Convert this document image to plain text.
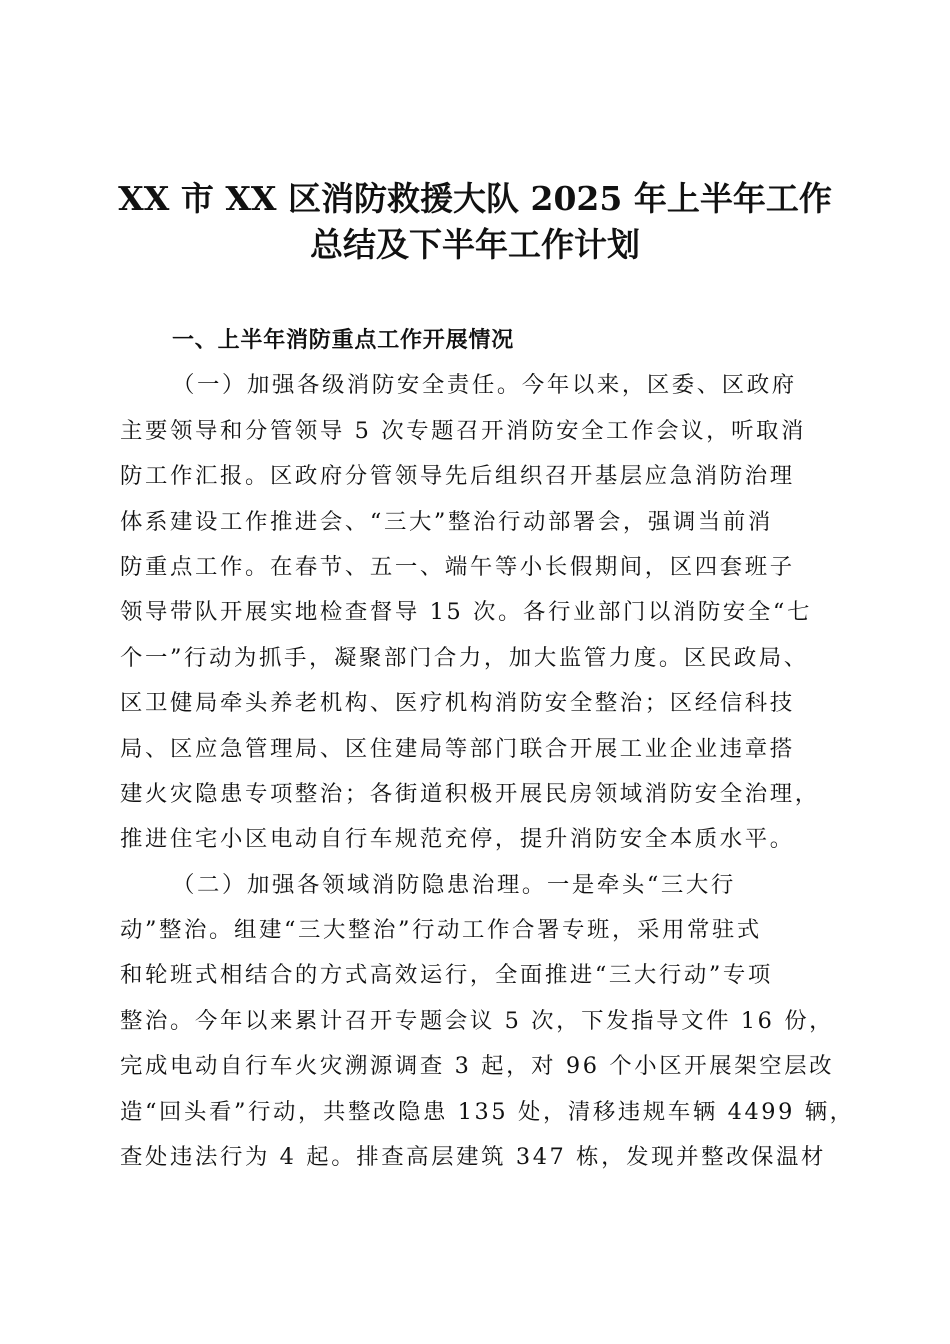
XX 市 XX 区消防救援大队 2025 年上半年工作
总结及下半年工作计划
一、上半年消防重点工作开展情况
（一）加强各级消防安全责任。今年以来，区委、区政府
主要领导和分管领导 5 次专题召开消防安全工作会议，听取消
防工作汇报。区政府分管领导先后组织召开基层应急消防治理
体系建设工作推进会、“三大”整治行动部署会，强调当前消
防重点工作。在春节、五一、端午等小长假期间，区四套班子
领导带队开展实地检查督导 15 次。各行业部门以消防安全“七
个一”行动为抓手，凝聚部门合力，加大监管力度。区民政局、
区卫健局牵头养老机构、医疗机构消防安全整治；区经信科技
局、区应急管理局、区住建局等部门联合开展工业企业违章搭
建火灾隐患专项整治；各街道积极开展民房领域消防安全治理，
推进住宅小区电动自行车规范充停，提升消防安全本质水平。
（二）加强各领域消防隐患治理。一是牵头“三大行
动”整治。组建“三大整治”行动工作合署专班，采用常驻式
和轮班式相结合的方式高效运行，全面推进“三大行动”专项
整治。今年以来累计召开专题会议 5 次，下发指导文件 16 份，
完成电动自行车火灾溯源调查 3 起，对 96 个小区开展架空层改
造“回头看”行动，共整改隐患 135 处，清移违规车辆 4499 辆，
查处违法行为 4 起。排查高层建筑 347 栋，发现并整改保温材
